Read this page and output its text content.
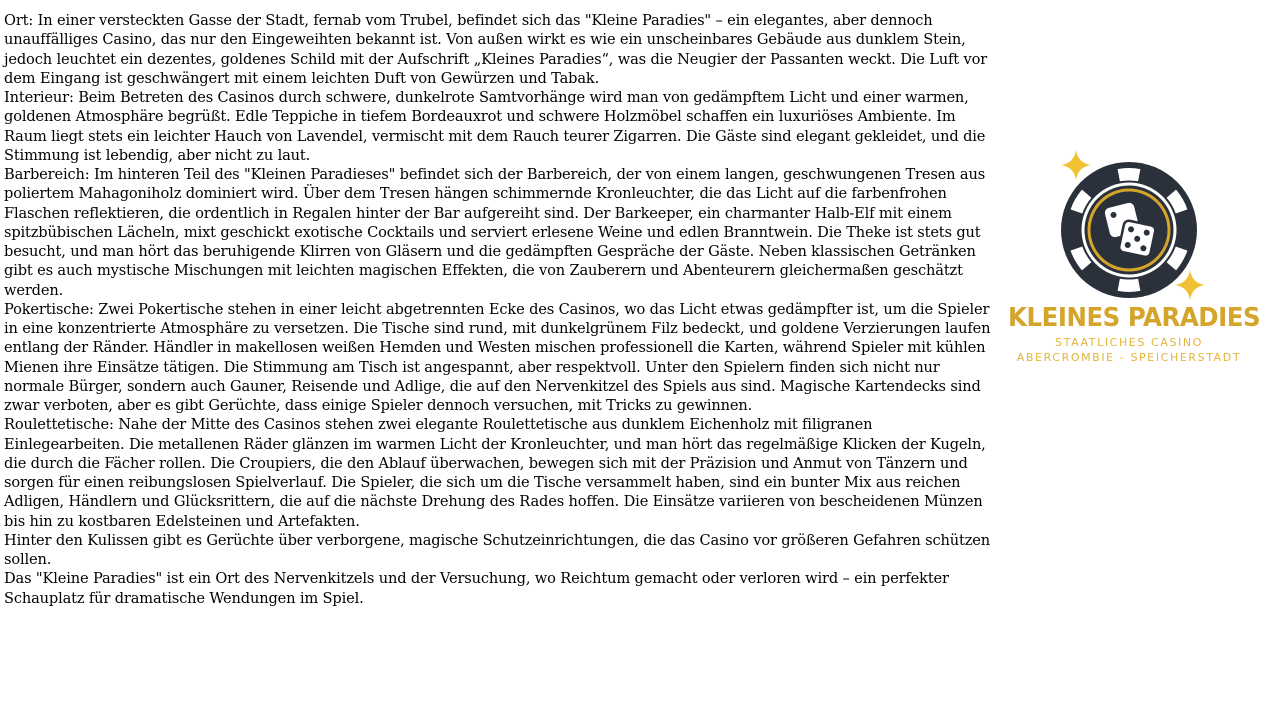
Ort: In einer versteckten Gasse der Stadt, fernab vom Trubel, befindet sich das "Kleine Paradies" – ein elegantes, aber dennoch unauffälliges Casino, das nur den Eingeweihten bekannt ist. Von außen wirkt es wie ein unscheinbares Gebäude aus dunklem Stein, jedoch leuchtet ein dezentes, goldenes Schild mit der Aufschrift „Kleines Paradies“, was die Neugier der Passanten weckt. Die Luft vor dem Eingang ist geschwängert mit einem leichten Duft von Gewürzen und Tabak.

Interieur: Beim Betreten des Casinos durch schwere, dunkelrote Samtvorhänge wird man von gedämpftem Licht und einer warmen, goldenen Atmosphäre begrüßt. Edle Teppiche in tiefem Bordeauxrot und schwere Holzmöbel schaffen ein luxuriöses Ambiente. Im Raum liegt stets ein leichter Hauch von Lavendel, vermischt mit dem Rauch teurer Zigarren. Die Gäste sind elegant gekleidet, und die Stimmung ist lebendig, aber nicht zu laut.

Barbereich: Im hinteren Teil des "Kleinen Paradieses" befindet sich der Barbereich, der von einem langen, geschwungenen Tresen aus poliertem Mahagoniholz dominiert wird. Über dem Tresen hängen schimmernde Kronleuchter, die das Licht auf die farbenfrohen Flaschen reflektieren, die ordentlich in Regalen hinter der Bar aufgereiht sind. Der Barkeeper, ein charmanter Halb-Elf mit einem spitzbübischen Lächeln, mixt geschickt exotische Cocktails und serviert erlesene Weine und edlen Branntwein. Die Theke ist stets gut besucht, und man hört das beruhigende Klirren von Gläsern und die gedämpften Gespräche der Gäste. Neben klassischen Getränken gibt es auch mystische Mischungen mit leichten magischen Effekten, die von Zauberern und Abenteurern gleichermaßen geschätzt werden.

Pokertische: Zwei Pokertische stehen in einer leicht abgetrennten Ecke des Casinos, wo das Licht etwas gedämpfter ist, um die Spieler in eine konzentrierte Atmosphäre zu versetzen. Die Tische sind rund, mit dunkelgrünem Filz bedeckt, und goldene Verzierungen laufen entlang der Ränder. Händler in makellosen weißen Hemden und Westen mischen professionell die Karten, während Spieler mit kühlen Mienen ihre Einsätze tätigen. Die Stimmung am Tisch ist angespannt, aber respektvoll. Unter den Spielern finden sich nicht nur normale Bürger, sondern auch Gauner, Reisende und Adlige, die auf den Nervenkitzel des Spiels aus sind. Magische Kartendecks sind zwar verboten, aber es gibt Gerüchte, dass einige Spieler dennoch versuchen, mit Tricks zu gewinnen.

Roulettetische: Nahe der Mitte des Casinos stehen zwei elegante Roulettetische aus dunklem Eichenholz mit filigranen Einlegearbeiten. Die metallenen Räder glänzen im warmen Licht der Kronleuchter, und man hört das regelmäßige Klicken der Kugeln, die durch die Fächer rollen. Die Croupiers, die den Ablauf überwachen, bewegen sich mit der Präzision und Anmut von Tänzern und sorgen für einen reibungslosen Spielverlauf. Die Spieler, die sich um die Tische versammelt haben, sind ein bunter Mix aus reichen Adligen, Händlern und Glücksrittern, die auf die nächste Drehung des Rades hoffen. Die Einsätze variieren von bescheidenen Münzen bis hin zu kostbaren Edelsteinen und Artefakten.

Hinter den Kulissen gibt es Gerüchte über verborgene, magische Schutzeinrichtungen, die das Casino vor größeren Gefahren schützen sollen.

Das "Kleine Paradies" ist ein Ort des Nervenkitzels und der Versuchung, wo Reichtum gemacht oder verloren wird – ein perfekter Schauplatz für dramatische Wendungen im Spiel.

KLEINES PARADIES
STAATLICHES CASINO
ABERCROMBIE - SPEICHERSTADT
